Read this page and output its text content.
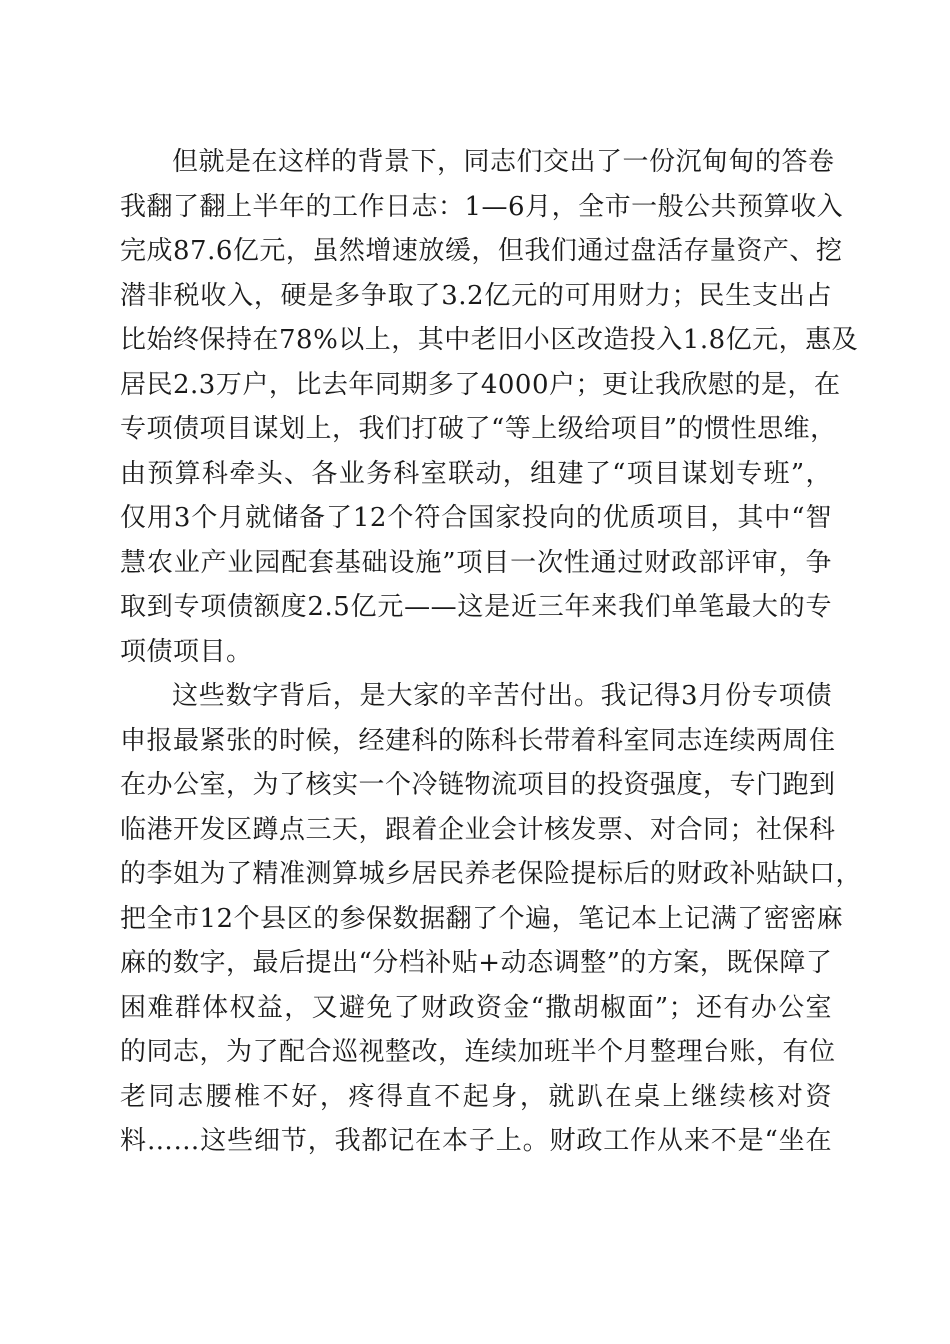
但就是在这样的背景下，同志们交出了一份沉甸甸的答卷
我翻了翻上半年的工作日志：1—6月，全市一般公共预算收入
完成87.6亿元，虽然增速放缓，但我们通过盘活存量资产、挖
潜非税收入，硬是多争取了3.2亿元的可用财力；民生支出占
比始终保持在78%以上，其中老旧小区改造投入1.8亿元，惠及
居民2.3万户，比去年同期多了4000户；更让我欣慰的是，在
专项债项目谋划上，我们打破了“等上级给项目”的惯性思维，
由预算科牵头、各业务科室联动，组建了“项目谋划专班”，
仅用3个月就储备了12个符合国家投向的优质项目，其中“智
慧农业产业园配套基础设施”项目一次性通过财政部评审，争
取到专项债额度2.5亿元——这是近三年来我们单笔最大的专
项债项目。
这些数字背后，是大家的辛苦付出。我记得3月份专项债
申报最紧张的时候，经建科的陈科长带着科室同志连续两周住
在办公室，为了核实一个冷链物流项目的投资强度，专门跑到
临港开发区蹲点三天，跟着企业会计核发票、对合同；社保科
的李姐为了精准测算城乡居民养老保险提标后的财政补贴缺口，
把全市12个县区的参保数据翻了个遍，笔记本上记满了密密麻
麻的数字，最后提出“分档补贴+动态调整”的方案，既保障了
困难群体权益，又避免了财政资金“撒胡椒面”；还有办公室
的同志，为了配合巡视整改，连续加班半个月整理台账，有位
老同志腰椎不好，疼得直不起身，就趴在桌上继续核对资
料……这些细节，我都记在本子上。财政工作从来不是“坐在
